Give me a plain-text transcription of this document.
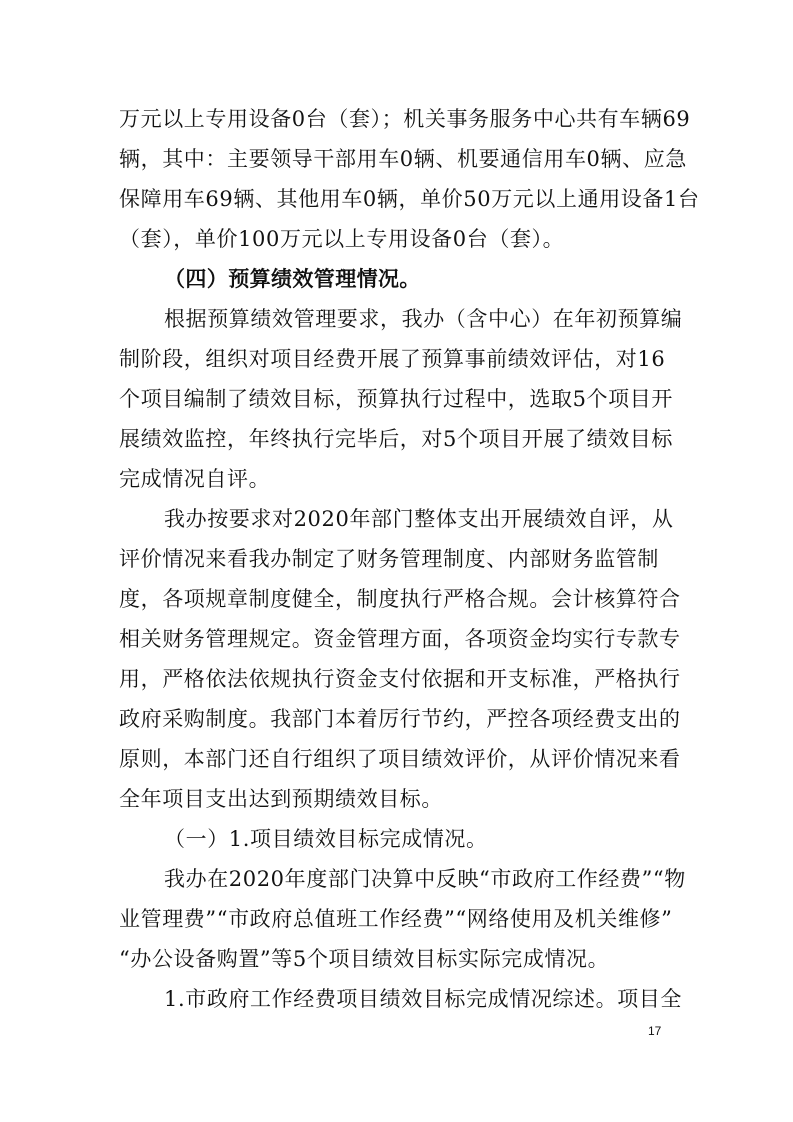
万元以上专用设备0台（套）；机关事务服务中心共有车辆69
辆，其中：主要领导干部用车0辆、机要通信用车0辆、应急
保障用车69辆、其他用车0辆，单价50万元以上通用设备1台
（套），单价100万元以上专用设备0台（套）。
（四）预算绩效管理情况。
根据预算绩效管理要求，我办（含中心）在年初预算编
制阶段，组织对项目经费开展了预算事前绩效评估，对16
个项目编制了绩效目标，预算执行过程中，选取5个项目开
展绩效监控，年终执行完毕后，对5个项目开展了绩效目标
完成情况自评。
我办按要求对2020年部门整体支出开展绩效自评，从
评价情况来看我办制定了财务管理制度、内部财务监管制
度，各项规章制度健全，制度执行严格合规。会计核算符合
相关财务管理规定。资金管理方面，各项资金均实行专款专
用，严格依法依规执行资金支付依据和开支标准，严格执行
政府采购制度。我部门本着厉行节约，严控各项经费支出的
原则，本部门还自行组织了项目绩效评价，从评价情况来看
全年项目支出达到预期绩效目标。
（一）1.项目绩效目标完成情况。
我办在2020年度部门决算中反映“市政府工作经费”“物
业管理费”“市政府总值班工作经费”“网络使用及机关维修”
“办公设备购置”等5个项目绩效目标实际完成情况。
1.市政府工作经费项目绩效目标完成情况综述。项目全
17
